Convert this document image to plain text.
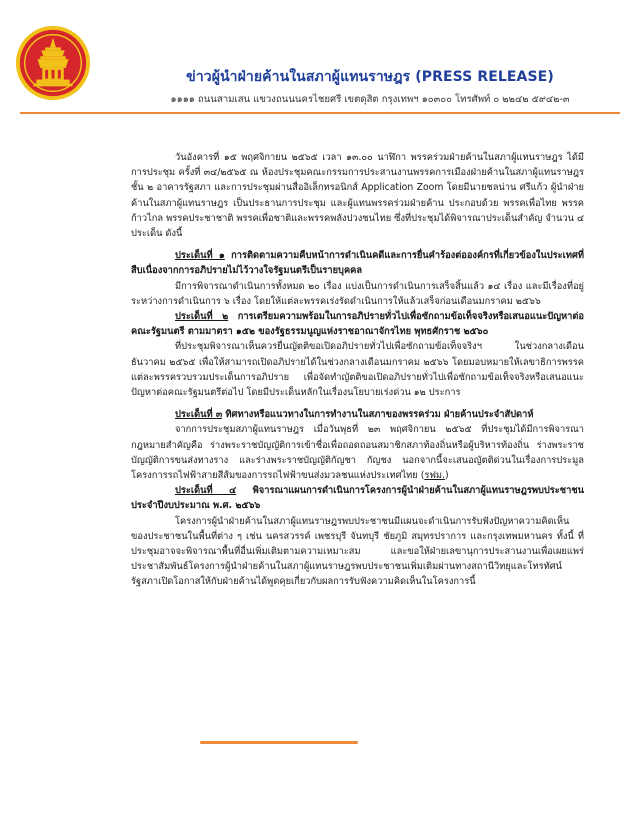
ข่าวผู้นำฝ่ายค้านในสภาผู้แทนราษฎร (PRESS RELEASE)
๑๑๑๑ ถนนสามเสน แขวงถนนนครไชยศรี เขตดุสิต กรุงเทพฯ ๑๐๓๐๐ โทรศัพท์ ๐ ๒๒๔๒ ๕๙๔๒-๓

วันอังคารที่ ๑๕ พฤศจิกายน ๒๕๖๕ เวลา ๑๓.๐๐ นาฬิกา พรรคร่วมฝ่ายค้านในสภาผู้แทนราษฎร ได้มีการประชุม ครั้งที่ ๓๔/๒๕๖๕ ณ ห้องประชุมคณะกรรมการประสานงานพรรคการเมืองฝ่ายค้านในสภาผู้แทนราษฎร ชั้น ๒ อาคารรัฐสภา และการประชุมผ่านสื่ออิเล็กทรอนิกส์ Application Zoom โดยมีนายชลน่าน ศรีแก้ว ผู้นำฝ่ายค้านในสภาผู้แทนราษฎร เป็นประธานการประชุม และผู้แทนพรรคร่วมฝ่ายค้าน ประกอบด้วย พรรคเพื่อไทย พรรคก้าวไกล พรรคประชาชาติ พรรคเพื่อชาติและพรรคพลังปวงชนไทย ซึ่งที่ประชุมได้พิจารณาประเด็นสำคัญ จำนวน ๔ ประเด็น ดังนี้

ประเด็นที่ ๑ การติดตามความคืบหน้าการดำเนินคดีและการยื่นคำร้องต่อองค์กรที่เกี่ยวข้องในประเทศที่สืบเนื่องจากการอภิปรายไม่ไว้วางใจรัฐมนตรีเป็นรายบุคคล

มีการพิจารณาดำเนินการทั้งหมด ๒๐ เรื่อง แบ่งเป็นการดำเนินการเสร็จสิ้นแล้ว ๑๔ เรื่อง และมีเรื่องที่อยู่ระหว่างการดำเนินการ ๖ เรื่อง โดยให้แต่ละพรรคเร่งรัดดำเนินการให้แล้วเสร็จก่อนเดือนมกราคม ๒๕๖๖

ประเด็นที่ ๒ การเตรียมความพร้อมในการอภิปรายทั่วไปเพื่อซักถามข้อเท็จจริงหรือเสนอแนะปัญหาต่อคณะรัฐมนตรี ตามมาตรา ๑๕๒ ของรัฐธรรมนูญแห่งราชอาณาจักรไทย พุทธศักราช ๒๕๖๐

ที่ประชุมพิจารณาเห็นควรยื่นญัตติขอเปิดอภิปรายทั่วไปเพื่อซักถามข้อเท็จจริงฯ ในช่วงกลางเดือนธันวาคม ๒๕๖๕ เพื่อให้สามารถเปิดอภิปรายได้ในช่วงกลางเดือนมกราคม ๒๕๖๖ โดยมอบหมายให้เลขาธิการพรรคแต่ละพรรครวบรวมประเด็นการอภิปราย เพื่อจัดทำญัตติขอเปิดอภิปรายทั่วไปเพื่อซักถามข้อเท็จจริงหรือเสนอแนะปัญหาต่อคณะรัฐมนตรีต่อไป โดยมีประเด็นหลักในเรื่องนโยบายเร่งด่วน ๑๒ ประการ

ประเด็นที่ ๓ ทิศทางหรือแนวทางในการทำงานในสภาของพรรคร่วม ฝ่ายค้านประจำสัปดาห์

จากการประชุมสภาผู้แทนราษฎร เมื่อวันพุธที่ ๒๓ พฤศจิกายน ๒๕๖๕ ที่ประชุมได้มีการพิจารณากฎหมายสำคัญคือ ร่างพระราชบัญญัติการเข้าชื่อเพื่อถอดถอนสมาชิกสภาท้องถิ่นหรือผู้บริหารท้องถิ่น ร่างพระราชบัญญัติการขนส่งทางราง และร่างพระราชบัญญัติกัญชา กัญชง นอกจากนี้จะเสนอญัตติด่วนในเรื่องการประมูลโครงการรถไฟฟ้าสายสีส้มของการรถไฟฟ้าขนส่งมวลชนแห่งประเทศไทย (รฟม.)

ประเด็นที่ ๔ พิจารณาแผนการดำเนินการโครงการผู้นำฝ่ายค้านในสภาผู้แทนราษฎรพบประชาชน ประจำปีงบประมาณ พ.ศ. ๒๕๖๖

โครงการผู้นำฝ่ายค้านในสภาผู้แทนราษฎรพบประชาชนมีแผนจะดำเนินการรับฟังปัญหาความคิดเห็นของประชาชนในพื้นที่ต่าง ๆ เช่น นครสวรรค์ เพชรบุรี จันทบุรี ชัยภูมิ สมุทรปราการ และกรุงเทพมหานคร ทั้งนี้ ที่ประชุมอาจจะพิจารณาพื้นที่อื่นเพิ่มเติมตามความเหมาะสม และขอให้ฝ่ายเลขานุการประสานงานเพื่อเผยแพร่ประชาสัมพันธ์โครงการผู้นำฝ่ายค้านในสภาผู้แทนราษฎรพบประชาชนเพิ่มเติมผ่านทางสถานีวิทยุและโทรทัศน์รัฐสภาเปิดโอกาสให้กับฝ่ายค้านได้พูดคุยเกี่ยวกับผลการรับฟังความคิดเห็นในโครงการนี้
